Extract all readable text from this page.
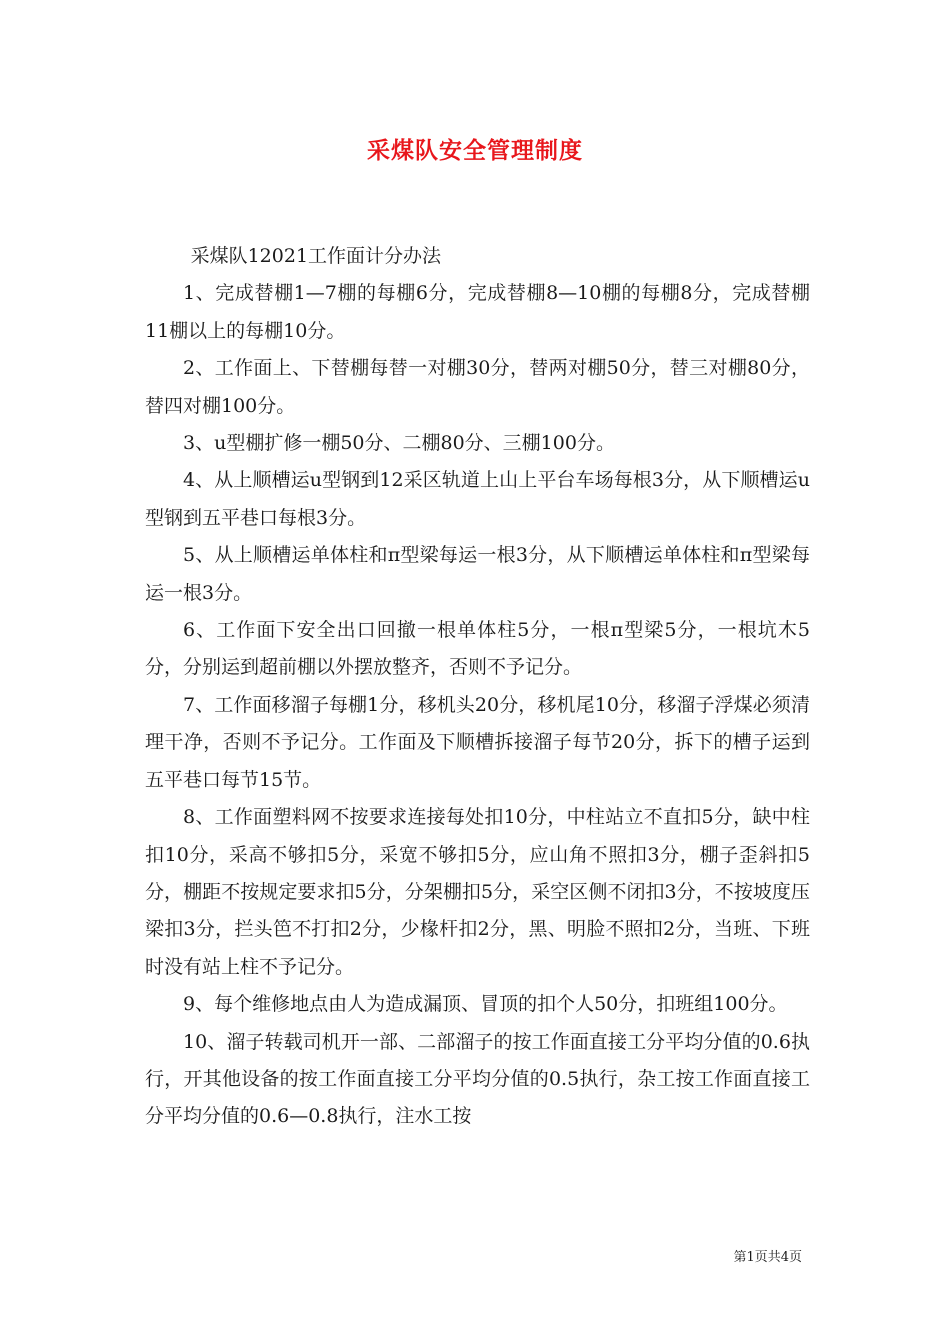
采煤队安全管理制度

采煤队12021工作面计分办法

1、完成替棚1—7棚的每棚6分，完成替棚8—10棚的每棚8分，完成替棚11棚以上的每棚10分。

2、工作面上、下替棚每替一对棚30分，替两对棚50分，替三对棚80分，替四对棚100分。

3、u型棚扩修一棚50分、二棚80分、三棚100分。

4、从上顺槽运u型钢到12采区轨道上山上平台车场每根3分，从下顺槽运u型钢到五平巷口每根3分。

5、从上顺槽运单体柱和π型梁每运一根3分，从下顺槽运单体柱和π型梁每运一根3分。

6、工作面下安全出口回撤一根单体柱5分，一根π型梁5分，一根坑木5分，分别运到超前棚以外摆放整齐，否则不予记分。

7、工作面移溜子每棚1分，移机头20分，移机尾10分，移溜子浮煤必须清理干净，否则不予记分。工作面及下顺槽拆接溜子每节20分，拆下的槽子运到五平巷口每节15节。

8、工作面塑料网不按要求连接每处扣10分，中柱站立不直扣5分，缺中柱扣10分，采高不够扣5分，采宽不够扣5分，应山角不照扣3分，棚子歪斜扣5分，棚距不按规定要求扣5分，分架棚扣5分，采空区侧不闭扣3分，不按坡度压梁扣3分，拦头笆不打扣2分，少椽杆扣2分，黑、明脸不照扣2分，当班、下班时没有站上柱不予记分。

9、每个维修地点由人为造成漏顶、冒顶的扣个人50分，扣班组100分。

10、溜子转载司机开一部、二部溜子的按工作面直接工分平均分值的0.6执行，开其他设备的按工作面直接工分平均分值的0.5执行，杂工按工作面直接工分平均分值的0.6—0.8执行，注水工按

第1页共4页
